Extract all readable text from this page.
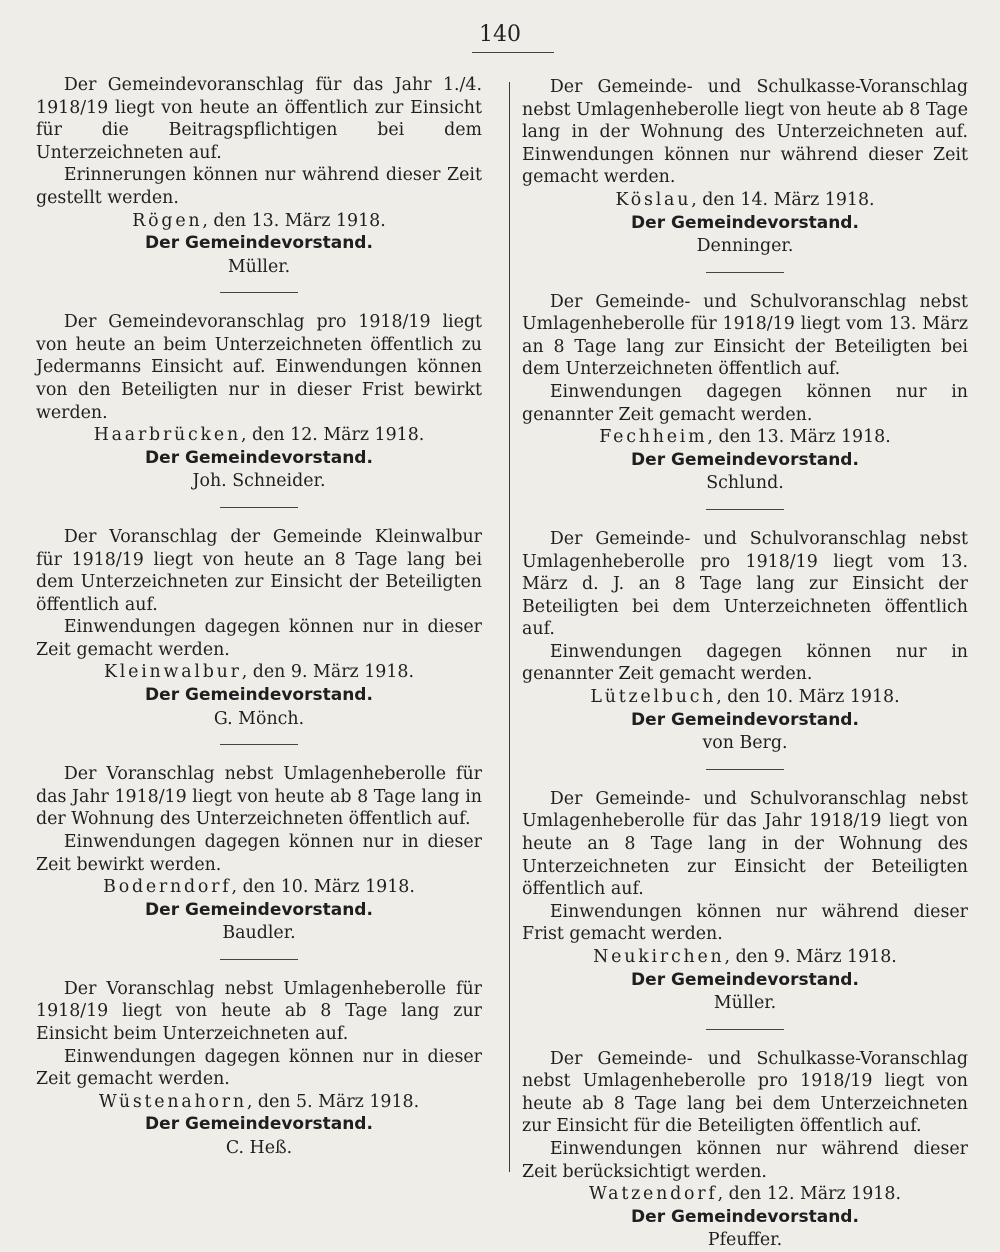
140

Der Gemeindevoranschlag für das Jahr 1./4. 1918/19 liegt von heute an öffentlich zur Einsicht für die Beitragspflichtigen bei dem Unterzeichneten auf.

Erinnerungen können nur während dieser Zeit gestellt werden.

Rögen, den 13. März 1918.

Der Gemeindevorstand.

Müller.

Der Gemeindevoranschlag pro 1918/19 liegt von heute an beim Unterzeichneten öffentlich zu Jedermanns Einsicht auf. Einwendungen können von den Beteiligten nur in dieser Frist bewirkt werden.

Haarbrücken, den 12. März 1918.

Der Gemeindevorstand.

Joh. Schneider.

Der Voranschlag der Gemeinde Kleinwalbur für 1918/19 liegt von heute an 8 Tage lang bei dem Unterzeichneten zur Einsicht der Beteiligten öffentlich auf.

Einwendungen dagegen können nur in dieser Zeit gemacht werden.

Kleinwalbur, den 9. März 1918.

Der Gemeindevorstand.

G. Mönch.

Der Voranschlag nebst Umlagenheberolle für das Jahr 1918/19 liegt von heute ab 8 Tage lang in der Wohnung des Unterzeichneten öffentlich auf.

Einwendungen dagegen können nur in dieser Zeit bewirkt werden.

Boderndorf, den 10. März 1918.

Der Gemeindevorstand.

Baudler.

Der Voranschlag nebst Umlagenheberolle für 1918/19 liegt von heute ab 8 Tage lang zur Einsicht beim Unterzeichneten auf.

Einwendungen dagegen können nur in dieser Zeit gemacht werden.

Wüstenahorn, den 5. März 1918.

Der Gemeindevorstand.

C. Heß.

Der Gemeinde- und Schulkasse-Voranschlag nebst Umlagenheberolle liegt von heute ab 8 Tage lang in der Wohnung des Unterzeichneten auf. Einwendungen können nur während dieser Zeit gemacht werden.

Köslau, den 14. März 1918.

Der Gemeindevorstand.

Denninger.

Der Gemeinde- und Schulvoranschlag nebst Umlagenheberolle für 1918/19 liegt vom 13. März an 8 Tage lang zur Einsicht der Beteiligten bei dem Unterzeichneten öffentlich auf.

Einwendungen dagegen können nur in genannter Zeit gemacht werden.

Fechheim, den 13. März 1918.

Der Gemeindevorstand.

Schlund.

Der Gemeinde- und Schulvoranschlag nebst Umlagenheberolle pro 1918/19 liegt vom 13. März d. J. an 8 Tage lang zur Einsicht der Beteiligten bei dem Unterzeichneten öffentlich auf.

Einwendungen dagegen können nur in genannter Zeit gemacht werden.

Lützelbuch, den 10. März 1918.

Der Gemeindevorstand.

von Berg.

Der Gemeinde- und Schulvoranschlag nebst Umlagenheberolle für das Jahr 1918/19 liegt von heute an 8 Tage lang in der Wohnung des Unterzeichneten zur Einsicht der Beteiligten öffentlich auf.

Einwendungen können nur während dieser Frist gemacht werden.

Neukirchen, den 9. März 1918.

Der Gemeindevorstand.

Müller.

Der Gemeinde- und Schulkasse-Voranschlag nebst Umlagenheberolle pro 1918/19 liegt von heute ab 8 Tage lang bei dem Unterzeichneten zur Einsicht für die Beteiligten öffentlich auf.

Einwendungen können nur während dieser Zeit berücksichtigt werden.

Watzendorf, den 12. März 1918.

Der Gemeindevorstand.

Pfeuffer.
